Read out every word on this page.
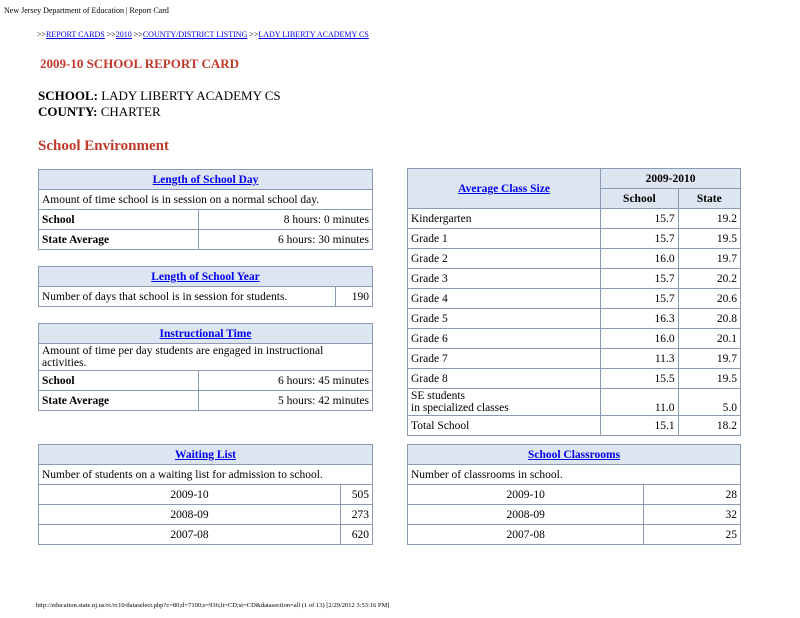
New Jersey Department of Education | Report Card
>>REPORT CARDS >>2010 >>COUNTY/DISTRICT LISTING >>LADY LIBERTY ACADEMY CS
2009-10 SCHOOL REPORT CARD
SCHOOL: LADY LIBERTY ACADEMY CS
COUNTY: CHARTER
School Environment
Length of School Day	
Amount of time school is in session on a normal school day.	
School	8 hours: 0 minutes
State Average	6 hours: 30 minutes
Length of School Year
Number of days that school is in session for students.	190
Instructional Time	
Amount of time per day students are engaged in instructional activities.	
School	6 hours: 45 minutes
State Average	5 hours: 42 minutes
Waiting List	
Number of students on a waiting list for admission to school.	
2009-10	505
2008-09	273
2007-08	620
Average Class Size	2009-2010	
	School	State
Kindergarten	15.7	19.2
Grade 1	15.7	19.5
Grade 2	16.0	19.7
Grade 3	15.7	20.2
Grade 4	15.7	20.6
Grade 5	16.3	20.8
Grade 6	16.0	20.1
Grade 7	11.3	19.7
Grade 8	15.5	19.5

SE students
in specialized classes	11.0	5.0
Total School	15.1	18.2
School Classrooms	
Number of classrooms in school.	
2009-10	28
2008-09	32
2007-08	25
http://education.state.nj.us/rc/rc10/dataselect.php?c=80;d=7100;s=936;lt=CD;st=CD&datasection=all (1 of 13) [2/29/2012 3:53:16 PM]
